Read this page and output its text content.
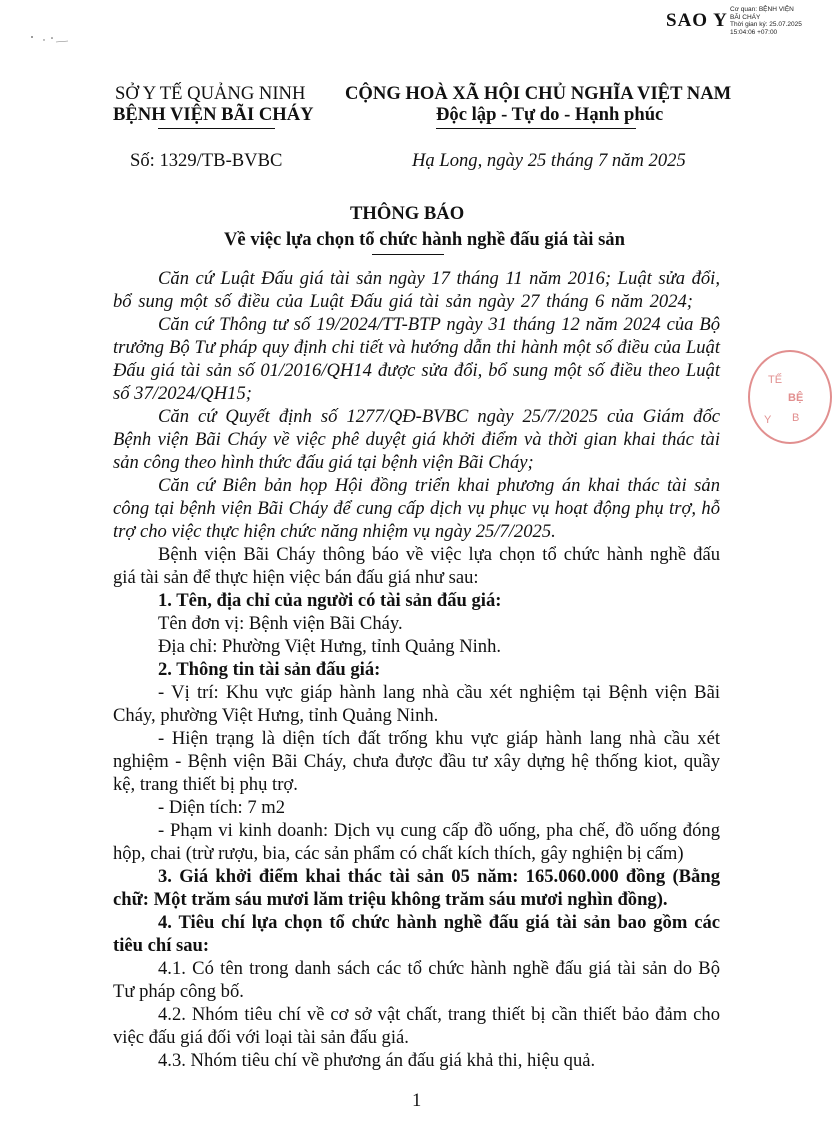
SAO Y
Cơ quan: BỆNH VIỆN
BÃI CHÁY
Thời gian ký: 25.07.2025
15:04:06 +07:00
SỞ Y TẾ QUẢNG NINH
BỆNH VIỆN BÃI CHÁY
Số: 1329/TB-BVBC
CỘNG HOÀ XÃ HỘI CHỦ NGHĨA VIỆT NAM
Độc lập - Tự do - Hạnh phúc
Hạ Long, ngày 25 tháng 7 năm 2025
THÔNG BÁO
Về việc lựa chọn tổ chức hành nghề đấu giá tài sản
Căn cứ Luật Đấu giá tài sản ngày 17 tháng 11 năm 2016; Luật sửa đổi,
bổ sung một số điều của Luật Đấu giá tài sản ngày 27 tháng 6 năm 2024;
Căn cứ Thông tư số 19/2024/TT-BTP ngày 31 tháng 12 năm 2024 của Bộ
trưởng Bộ Tư pháp quy định chi tiết và hướng dẫn thi hành một số điều của Luật
Đấu giá tài sản số 01/2016/QH14 được sửa đổi, bổ sung một số điều theo Luật
số 37/2024/QH15;
Căn cứ Quyết định số 1277/QĐ-BVBC ngày 25/7/2025 của Giám đốc
Bệnh viện Bãi Cháy về việc phê duyệt giá khởi điểm và thời gian khai thác tài
sản công theo hình thức đấu giá tại bệnh viện Bãi Cháy;
Căn cứ Biên bản họp Hội đồng triển khai phương án khai thác tài sản
công tại bệnh viện Bãi Cháy để cung cấp dịch vụ phục vụ hoạt động phụ trợ, hỗ
trợ cho việc thực hiện chức năng nhiệm vụ ngày 25/7/2025.
Bệnh viện Bãi Cháy thông báo về việc lựa chọn tổ chức hành nghề đấu
giá tài sản để thực hiện việc bán đấu giá như sau:
1. Tên, địa chỉ của người có tài sản đấu giá:
Tên đơn vị: Bệnh viện Bãi Cháy.
Địa chỉ: Phường Việt Hưng, tỉnh Quảng Ninh.
2. Thông tin tài sản đấu giá:
- Vị trí: Khu vực giáp hành lang nhà cầu xét nghiệm tại Bệnh viện Bãi
Cháy, phường Việt Hưng, tỉnh Quảng Ninh.
- Hiện trạng là diện tích đất trống khu vực giáp hành lang nhà cầu xét
nghiệm - Bệnh viện Bãi Cháy, chưa được đầu tư xây dựng hệ thống kiot, quầy
kệ, trang thiết bị phụ trợ.
- Diện tích: 7 m2
- Phạm vi kinh doanh: Dịch vụ cung cấp đồ uống, pha chế, đồ uống đóng
hộp, chai (trừ rượu, bia, các sản phẩm có chất kích thích, gây nghiện bị cấm)
3. Giá khởi điểm khai thác tài sản 05 năm: 165.060.000 đồng (Bằng
chữ: Một trăm sáu mươi lăm triệu không trăm sáu mươi nghìn đồng).
4. Tiêu chí lựa chọn tổ chức hành nghề đấu giá tài sản bao gồm các
tiêu chí sau:
4.1. Có tên trong danh sách các tổ chức hành nghề đấu giá tài sản do Bộ
Tư pháp công bố.
4.2. Nhóm tiêu chí về cơ sở vật chất, trang thiết bị cần thiết bảo đảm cho
việc đấu giá đối với loại tài sản đấu giá.
4.3. Nhóm tiêu chí về phương án đấu giá khả thi, hiệu quả.
1
TẾ
BỆ
Y B
